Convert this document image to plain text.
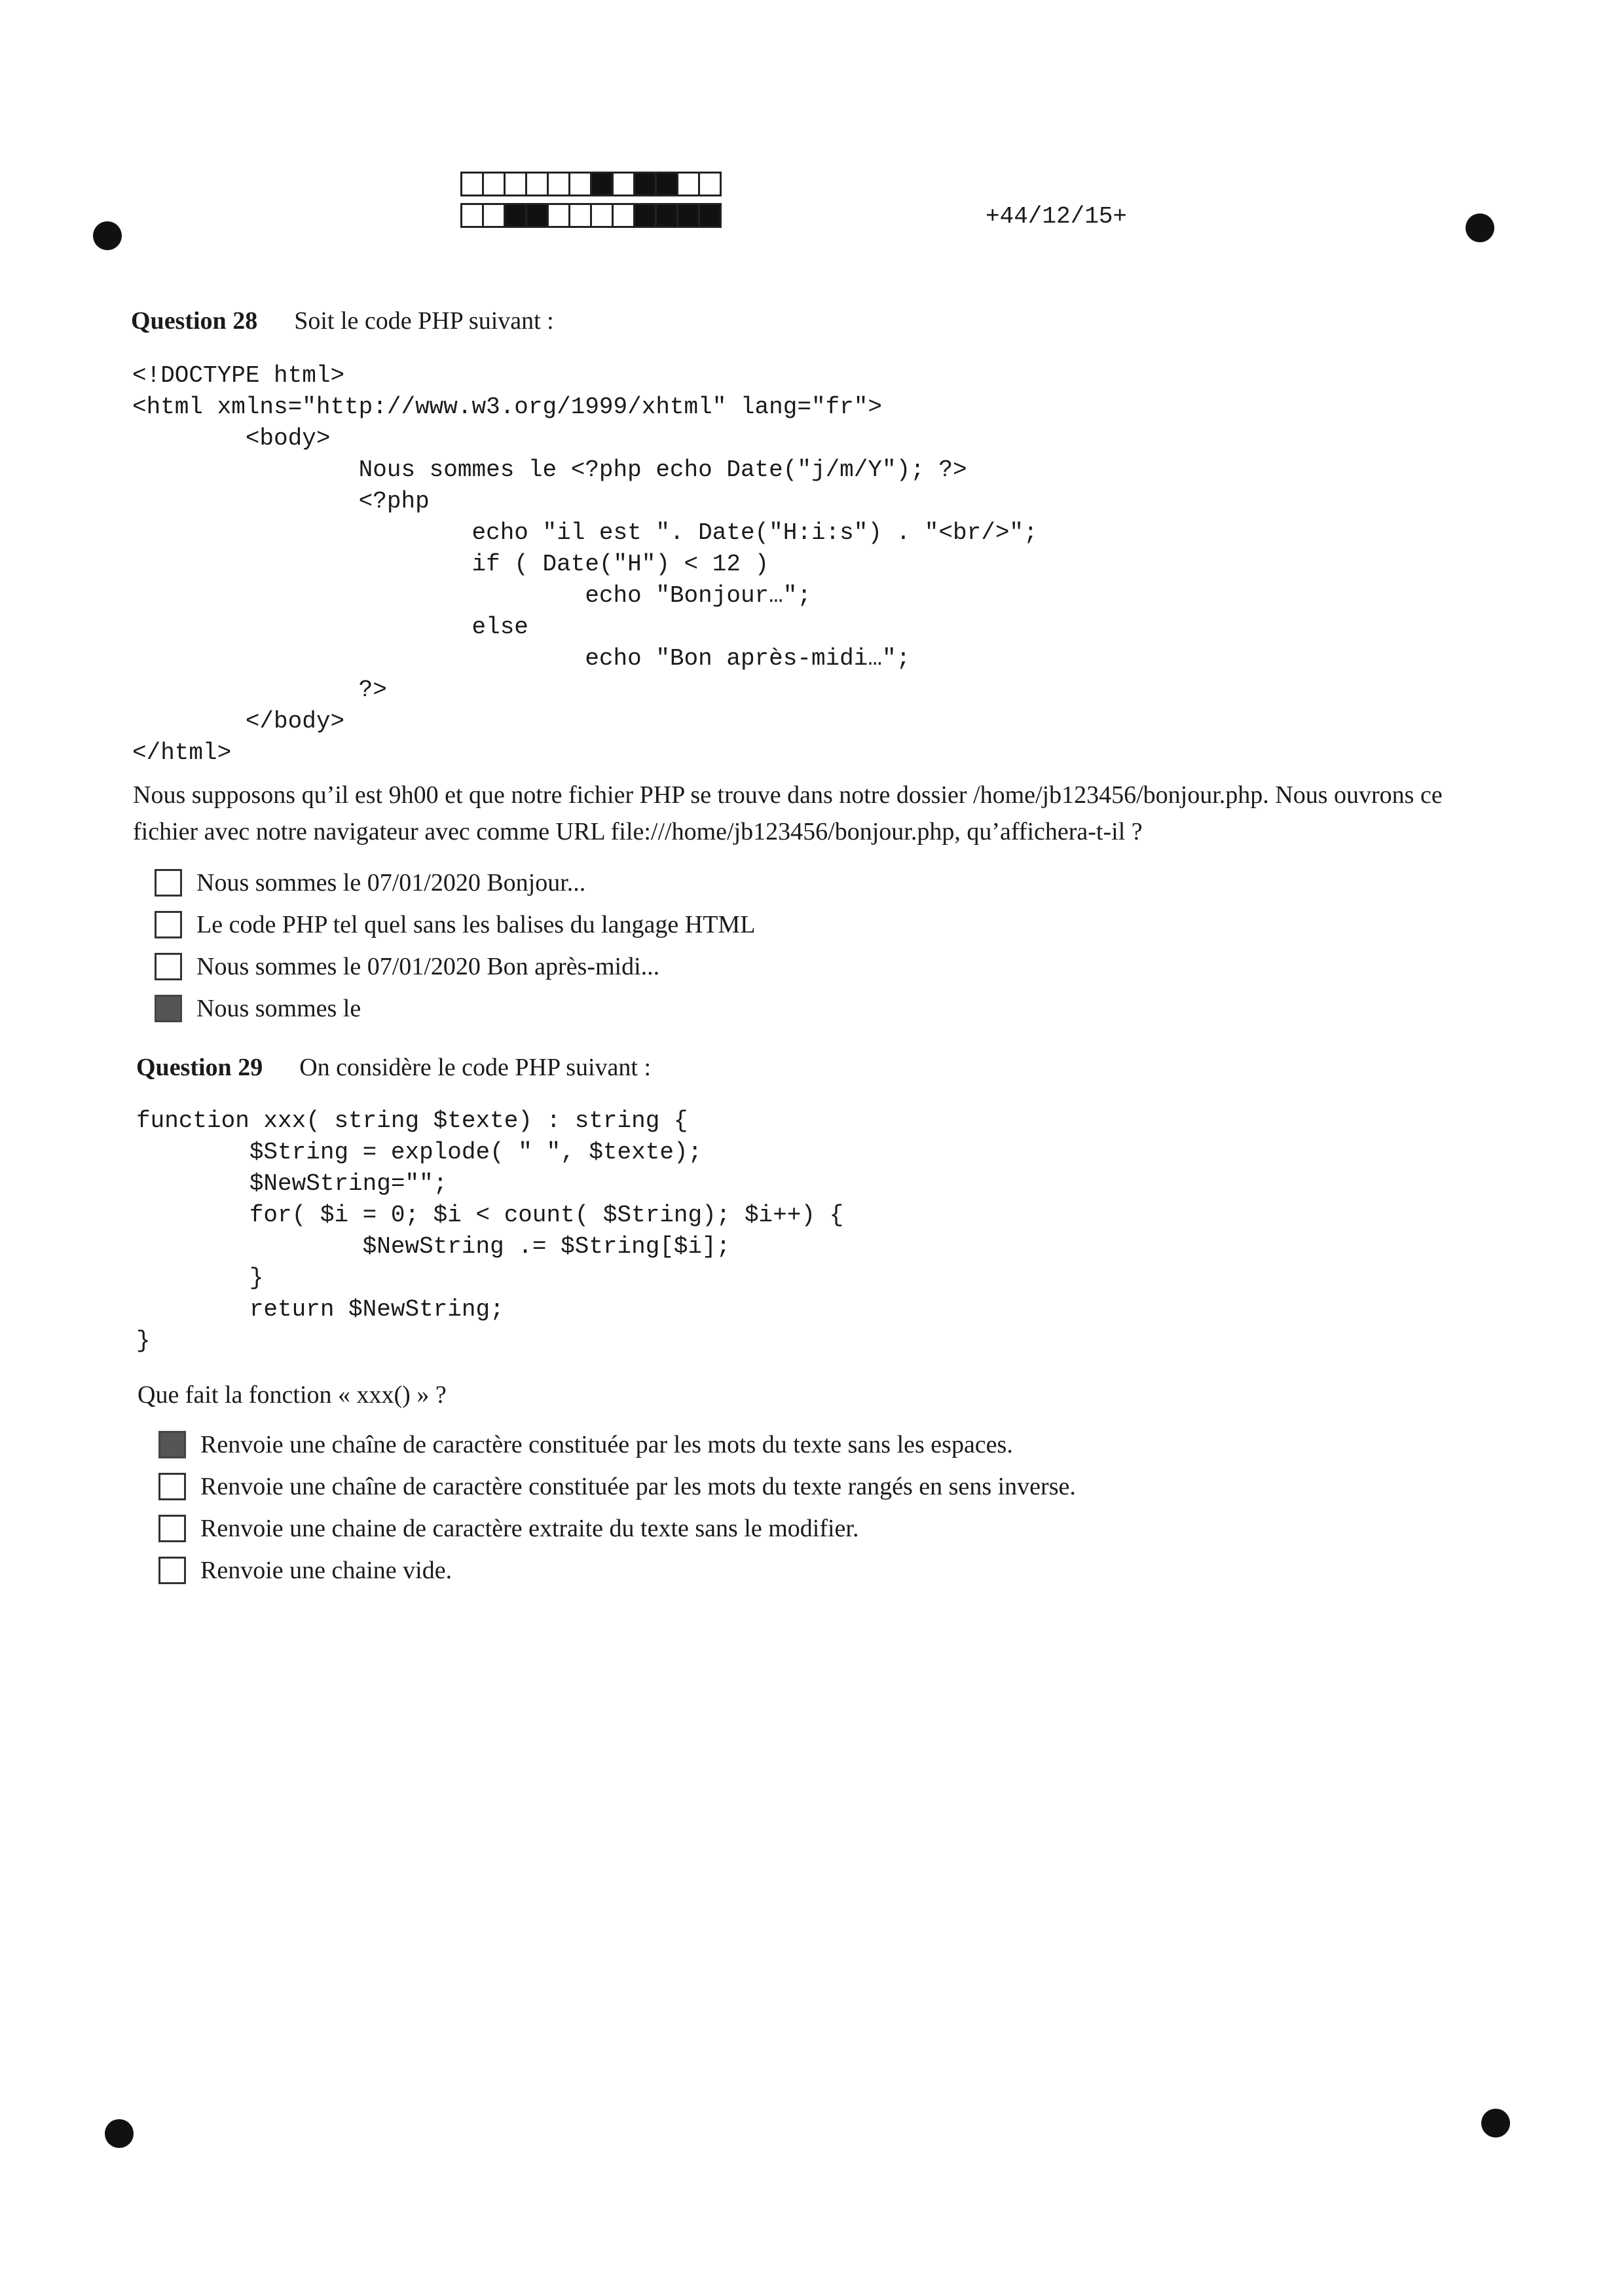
+44/12/15+
Question 28 Soit le code PHP suivant :
<!DOCTYPE html>
<html xmlns="http://www.w3.org/1999/xhtml" lang="fr">
<body>
Nous sommes le <?php echo Date("j/m/Y"); ?>
<?php
echo "il est ". Date("H:i:s") . "<br/>";
if ( Date("H") < 12 )
echo "Bonjour…";
else
echo "Bon après-midi…";
?>
</body>
</html>
Nous supposons qu’il est 9h00 et que notre fichier PHP se trouve dans notre dossier /home/jb123456/bonjour.php. Nous ouvrons ce fichier avec notre navigateur avec comme URL file:///home/jb123456/bonjour.php, qu’affichera-t-il ?
Nous sommes le 07/01/2020 Bonjour...
Le code PHP tel quel sans les balises du langage HTML
Nous sommes le 07/01/2020 Bon après-midi...
Nous sommes le
Question 29 On considère le code PHP suivant :
function xxx( string $texte) : string {
$String = explode( " ", $texte);
$NewString="";
for( $i = 0; $i < count( $String); $i++) {
$NewString .= $String[$i];
}
return $NewString;
}
Que fait la fonction « xxx() » ?
Renvoie une chaîne de caractère constituée par les mots du texte sans les espaces.
Renvoie une chaîne de caractère constituée par les mots du texte rangés en sens inverse.
Renvoie une chaine de caractère extraite du texte sans le modifier.
Renvoie une chaine vide.
